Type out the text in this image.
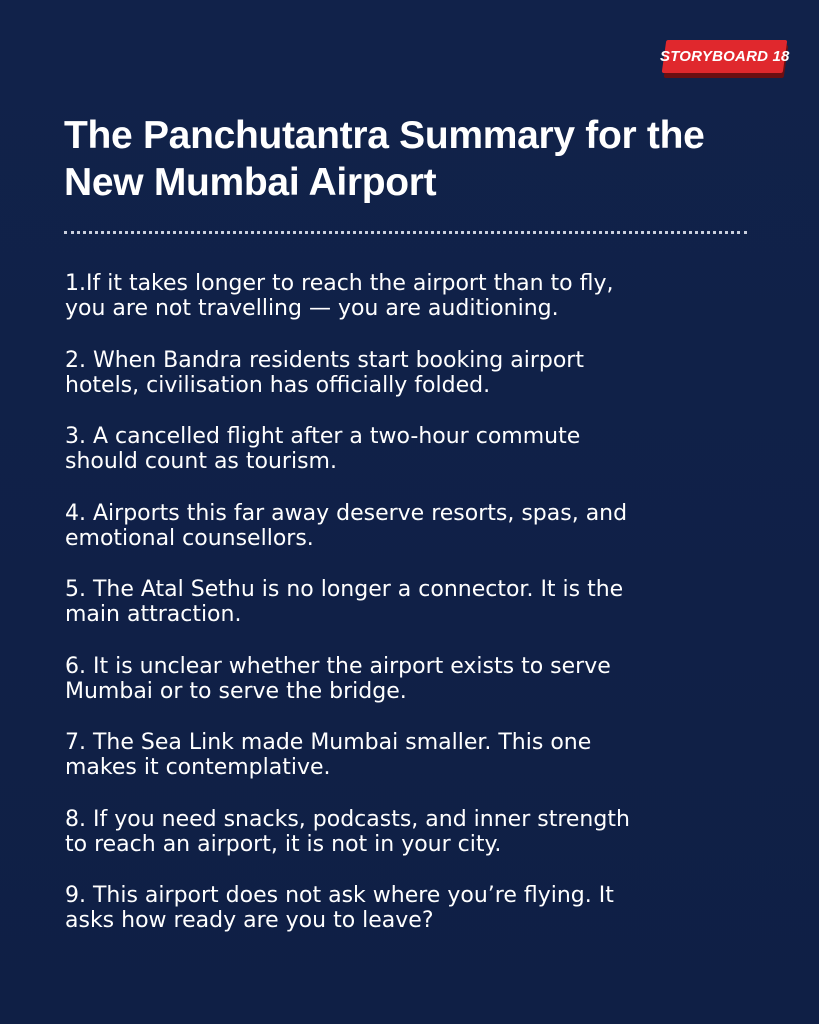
STORYBOARD 18
The Panchutantra Summary for the New Mumbai Airport
1.If it takes longer to reach the airport than to fly,
you are not travelling — you are auditioning.
2. When Bandra residents start booking airport
hotels, civilisation has officially folded.
3. A cancelled flight after a two-hour commute
should count as tourism.
4. Airports this far away deserve resorts, spas, and
emotional counsellors.
5. The Atal Sethu is no longer a connector. It is the
main attraction.
6. It is unclear whether the airport exists to serve
Mumbai or to serve the bridge.
7. The Sea Link made Mumbai smaller. This one
makes it contemplative.
8. If you need snacks, podcasts, and inner strength
to reach an airport, it is not in your city.
9. This airport does not ask where you’re flying. It
asks how ready are you to leave?
